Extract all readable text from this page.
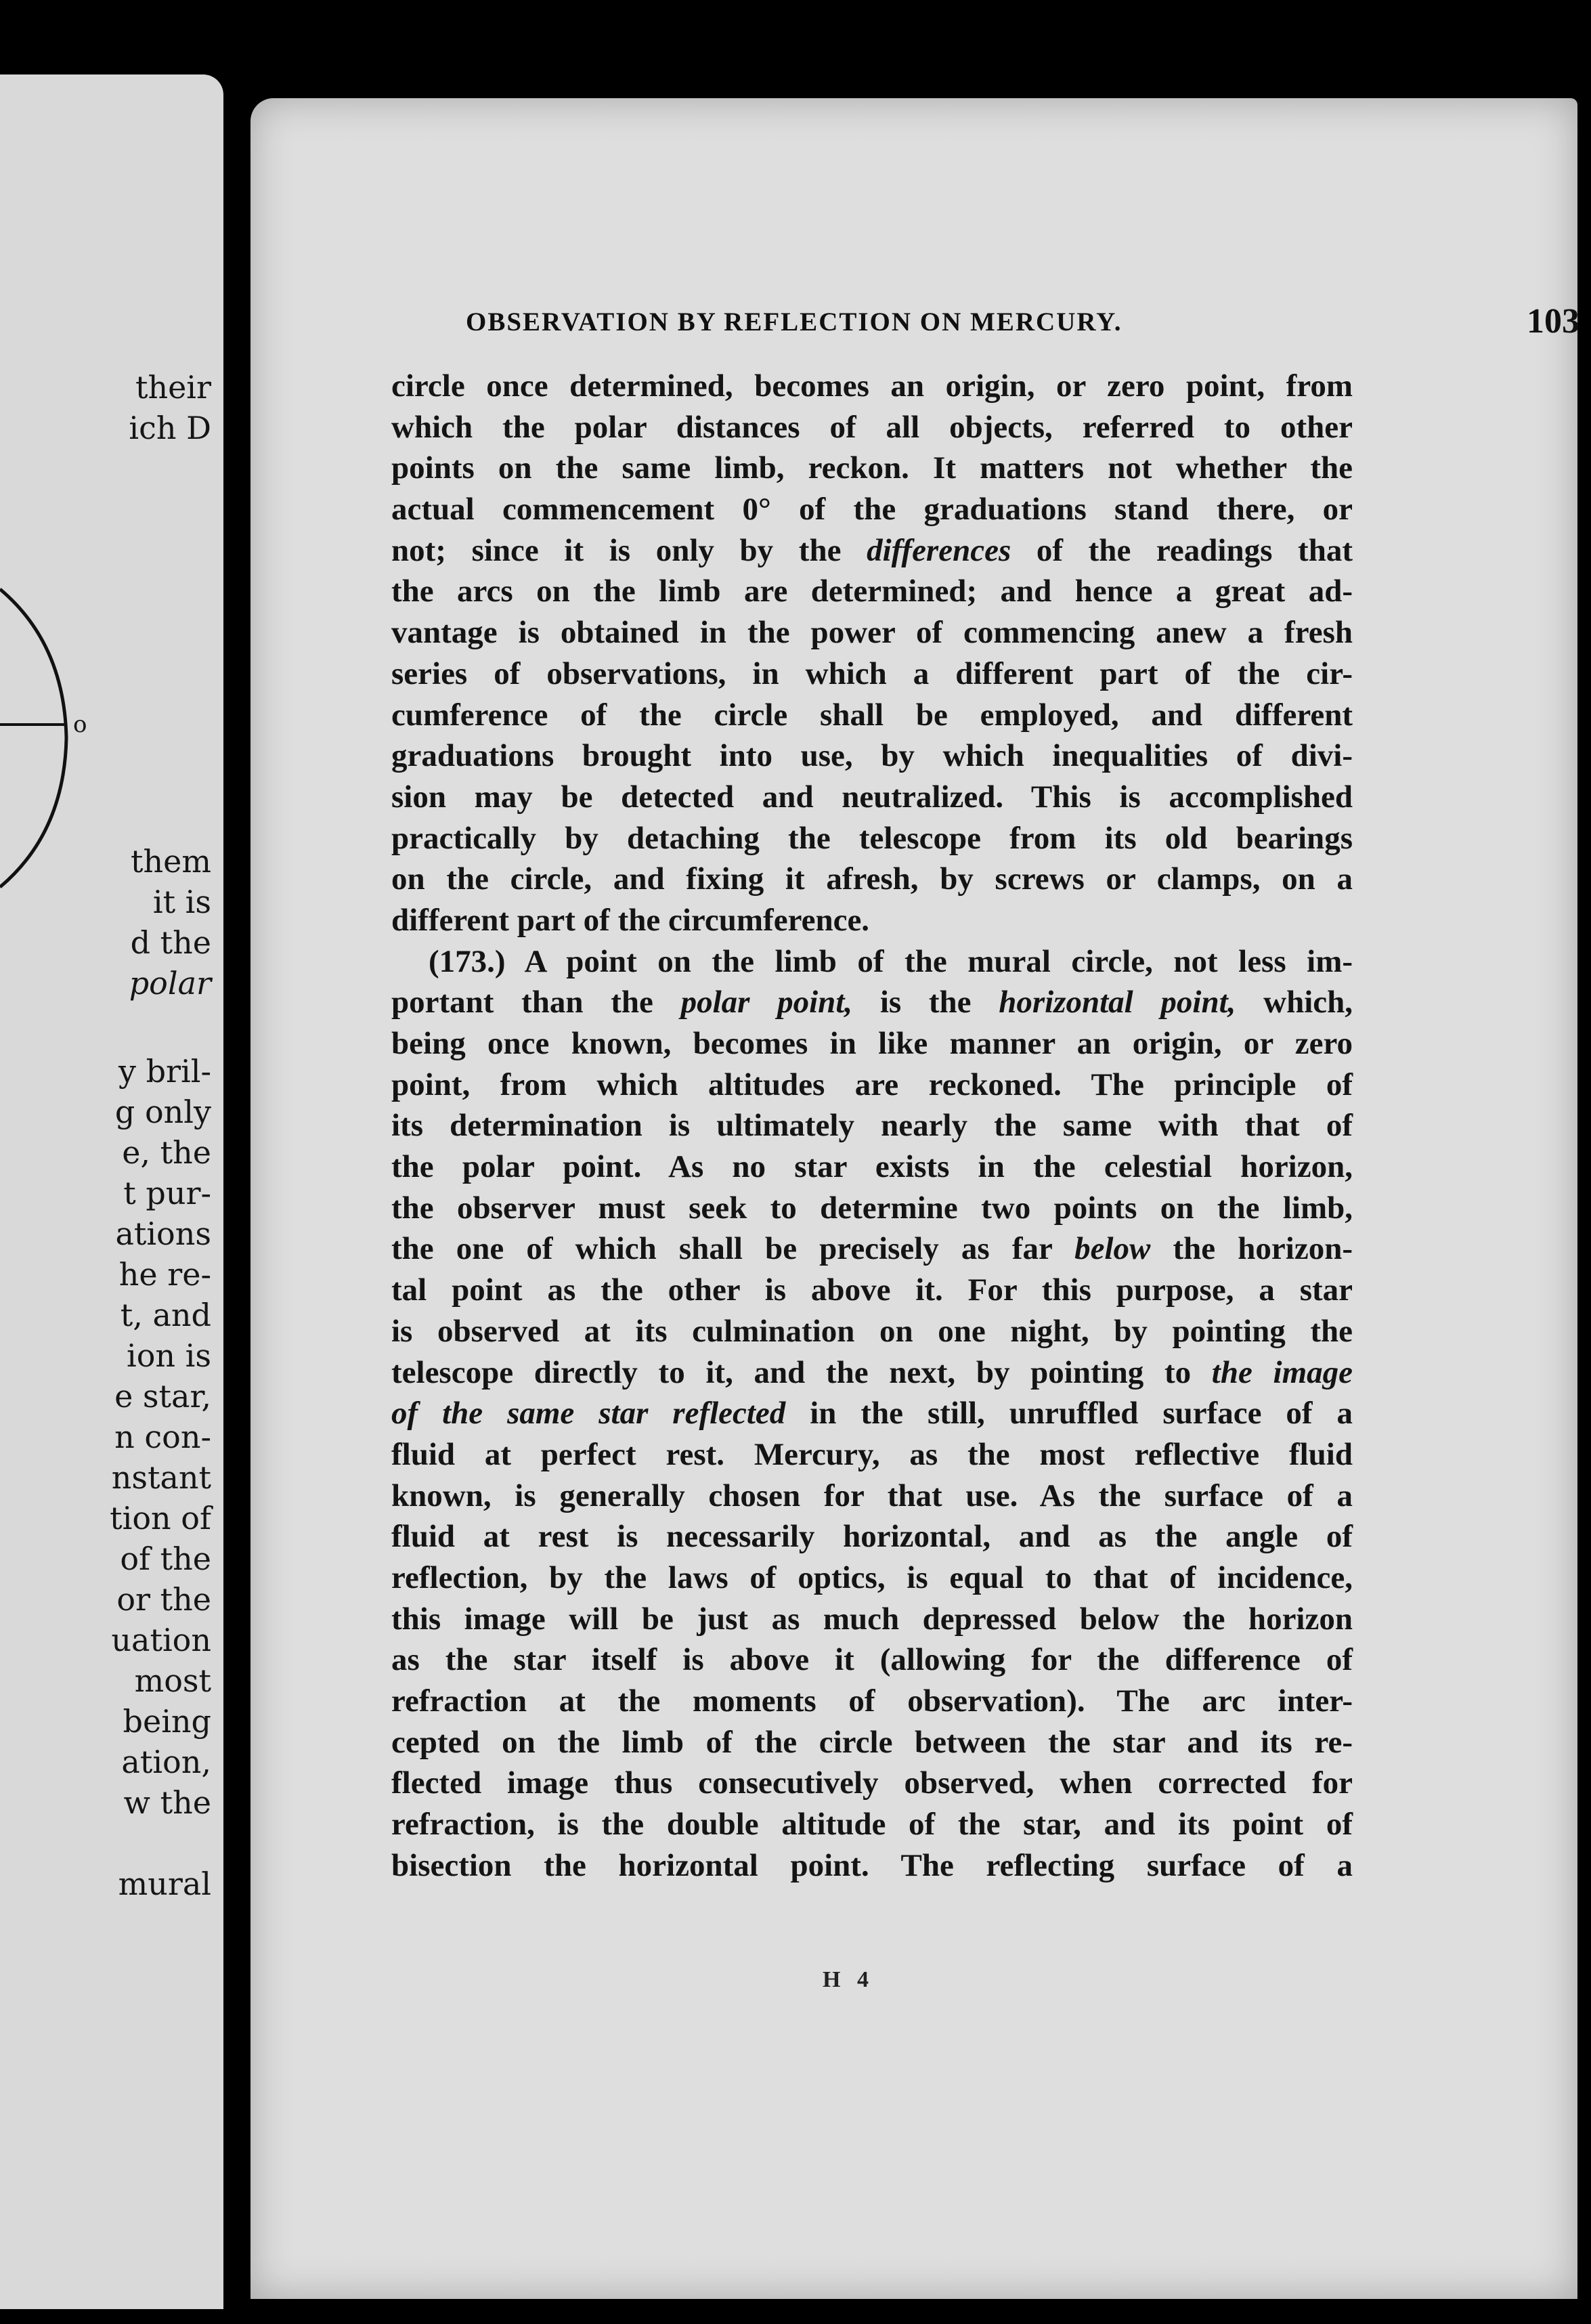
o
their
ich D
them
it is
d the
polar
y bril-
g only
e, the
t pur-
ations
he re-
t, and
ion is
e star,
n con-
nstant
tion of
of the
or the
uation
most
being
ation,
w the
mural
OBSERVATION BY REFLECTION ON MERCURY.	103
circle once determined, becomes an origin, or zero point, from
which the polar distances of all objects, referred to other
points on the same limb, reckon. It matters not whether the
actual commencement 0° of the graduations stand there, or
not; since it is only by the differences of the readings that
the arcs on the limb are determined; and hence a great ad-
vantage is obtained in the power of commencing anew a fresh
series of observations, in which a different part of the cir-
cumference of the circle shall be employed, and different
graduations brought into use, by which inequalities of divi-
sion may be detected and neutralized. This is accomplished
practically by detaching the telescope from its old bearings
on the circle, and fixing it afresh, by screws or clamps, on a
different part of the circumference.
(173.) A point on the limb of the mural circle, not less im-
portant than the polar point, is the horizontal point, which,
being once known, becomes in like manner an origin, or zero
point, from which altitudes are reckoned. The principle of
its determination is ultimately nearly the same with that of
the polar point. As no star exists in the celestial horizon,
the observer must seek to determine two points on the limb,
the one of which shall be precisely as far below the horizon-
tal point as the other is above it. For this purpose, a star
is observed at its culmination on one night, by pointing the
telescope directly to it, and the next, by pointing to the image
of the same star reflected in the still, unruffled surface of a
fluid at perfect rest. Mercury, as the most reflective fluid
known, is generally chosen for that use. As the surface of a
fluid at rest is necessarily horizontal, and as the angle of
reflection, by the laws of optics, is equal to that of incidence,
this image will be just as much depressed below the horizon
as the star itself is above it (allowing for the difference of
refraction at the moments of observation). The arc inter-
cepted on the limb of the circle between the star and its re-
flected image thus consecutively observed, when corrected for
refraction, is the double altitude of the star, and its point of
bisection the horizontal point. The reflecting surface of a
H 4
